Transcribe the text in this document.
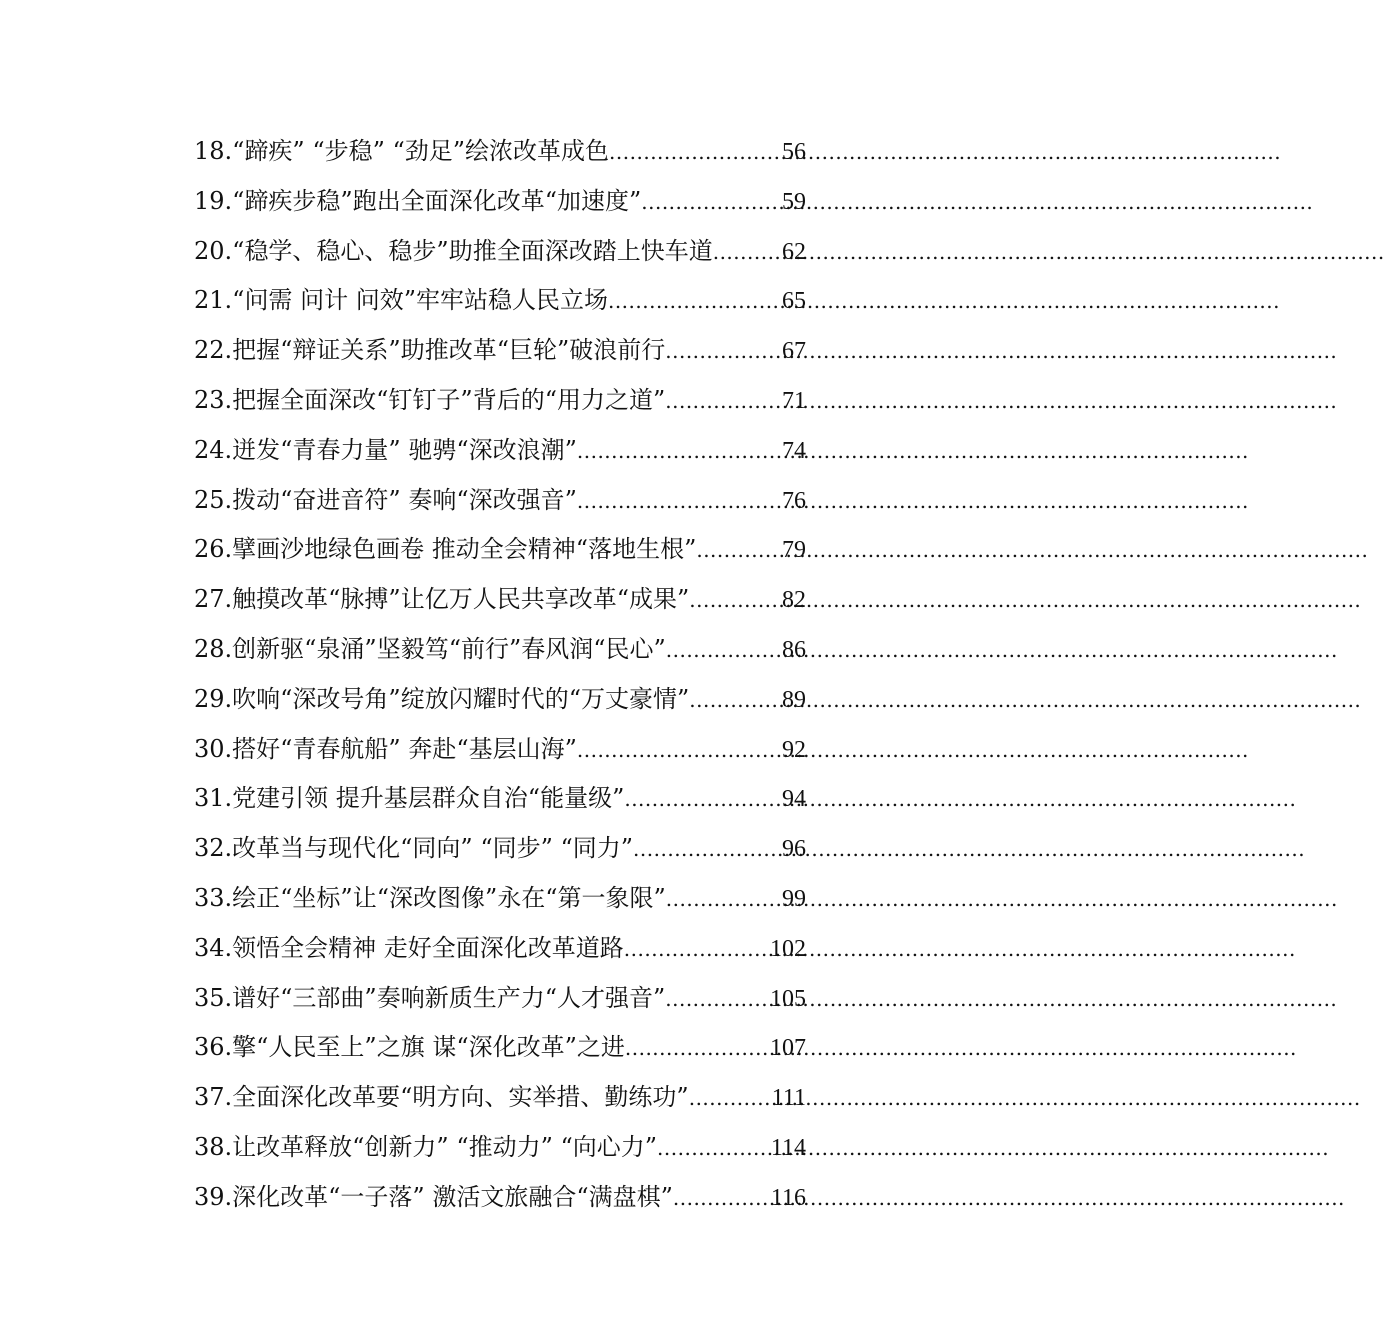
18.“蹄疾” “步稳” “劲足”绘浓改革成色 .....	56
19.“蹄疾步稳”跑出全面深化改革“加速度” .....	59
20.“稳学、稳心、稳步”助推全面深改踏上快车道 .....	62
21.“问需 问计 问效”牢牢站稳人民立场 .....	65
22.把握“辩证关系”助推改革“巨轮”破浪前行 .....	67
23.把握全面深改“钉钉子”背后的“用力之道” .....	71
24.迸发“青春力量” 驰骋“深改浪潮” .....	74
25.拨动“奋进音符” 奏响“深改强音” .....	76
26.擘画沙地绿色画卷 推动全会精神“落地生根” .....	79
27.触摸改革“脉搏”让亿万人民共享改革“成果” .....	82
28.创新驱“泉涌”坚毅笃“前行”春风润“民心” .....	86
29.吹响“深改号角”绽放闪耀时代的“万丈豪情” .....	89
30.搭好“青春航船” 奔赴“基层山海” .....	92
31.党建引领 提升基层群众自治“能量级” .....	94
32.改革当与现代化“同向” “同步” “同力” .....	96
33.绘正“坐标”让“深改图像”永在“第一象限” .....	99
34.领悟全会精神 走好全面深化改革道路 .....	102
35.谱好“三部曲”奏响新质生产力“人才强音” .....	105
36.擎“人民至上”之旗 谋“深化改革”之进 .....	107
37.全面深化改革要“明方向、实举措、勤练功” .....	111
38.让改革释放“创新力” “推动力” “向心力” .....	114
39.深化改革“一子落” 激活文旅融合“满盘棋” .....	116
